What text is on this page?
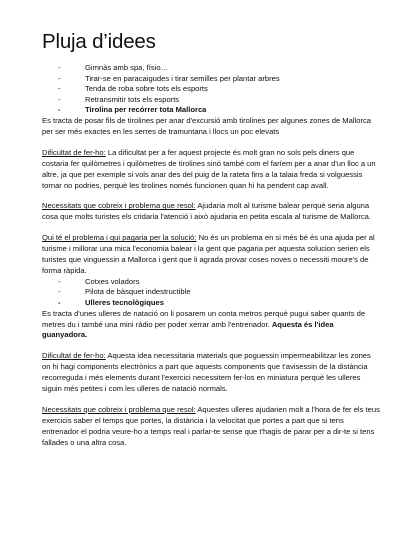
Pluja d’idees
- Gimnàs amb spa, físio…
- Tirar-se en paracaigudes i tirar semilles per plantar arbres
- Tenda de roba sobre tots els esports
- Retransmitir tots els esports
- Tirolina per recórrer tota Mallorca

Es tracta de posar fils de tirolines per anar d'excursió amb tirolines per algunes zones de Mallorca per ser més exactes en les serres de tramuntana i llocs un poc elevats

Dificultat de fer-ho: La dificultat per a fer aquest projecte és molt gran no sols pels diners que costaria fer quilòmetres i quilòmetres de tirolines sinó també com el faríem per a anar d'un lloc a un altre, ja que per exemple si vols anar des del puig de la rateta fins a la talaia freda si volguessis tornar no podries, perquè les tirolines només funcionen quan hi ha pendent cap avall.

Necessitats que cobreix i problema que resol: Ajudaria molt al turisme balear perquè seria alguna cosa que molts turistes els cridaria l'atenció i això ajudaria en petita escala al turisme de Mallorca.

Qui té el problema i qui pagaria per la solució: No és un problema en si més bé és una ajuda per al turisme i millorar una mica l'economia balear i la gent que pagaria per aquesta solucion serien els turistes que vinguessin a Mallorca i gent que li agrada provar coses noves o necessiti moure's de forma ràpida.

- Cotxes voladors
- Pilota de bàsquet indestructible
- Ulleres tecnològiques

Es tracta d'unes ulleres de natació on li posarem un conta metros perquè pugui saber quants de metres du i també una mini ràdio per poder xerrar amb l'entrenador. Aquesta és l'idea guanyadora.

Dificultat de fer-ho: Aquesta idea necessitaria materials que poguessin impermeabilitzar les zones on hi hagi components electrònics a part que aquests components que t'avisessin de la distància recorreguda i més elements durant l'exercici necessitem fer-los en miniatura perquè les ulleres siguin més petites i com les ulleres de natació normals.

Necessitats que cobreix i problema que resol: Aquestes ulleres ajudarien molt a l'hora de fer els teus exercicis saber el temps que portes, la distància i la velocitat que portes a part que si tens entrenador el podria veure-ho a temps real i parlar-te sense que t'hagis de parar per a dir-te si tens fallades o una altra cosa.
